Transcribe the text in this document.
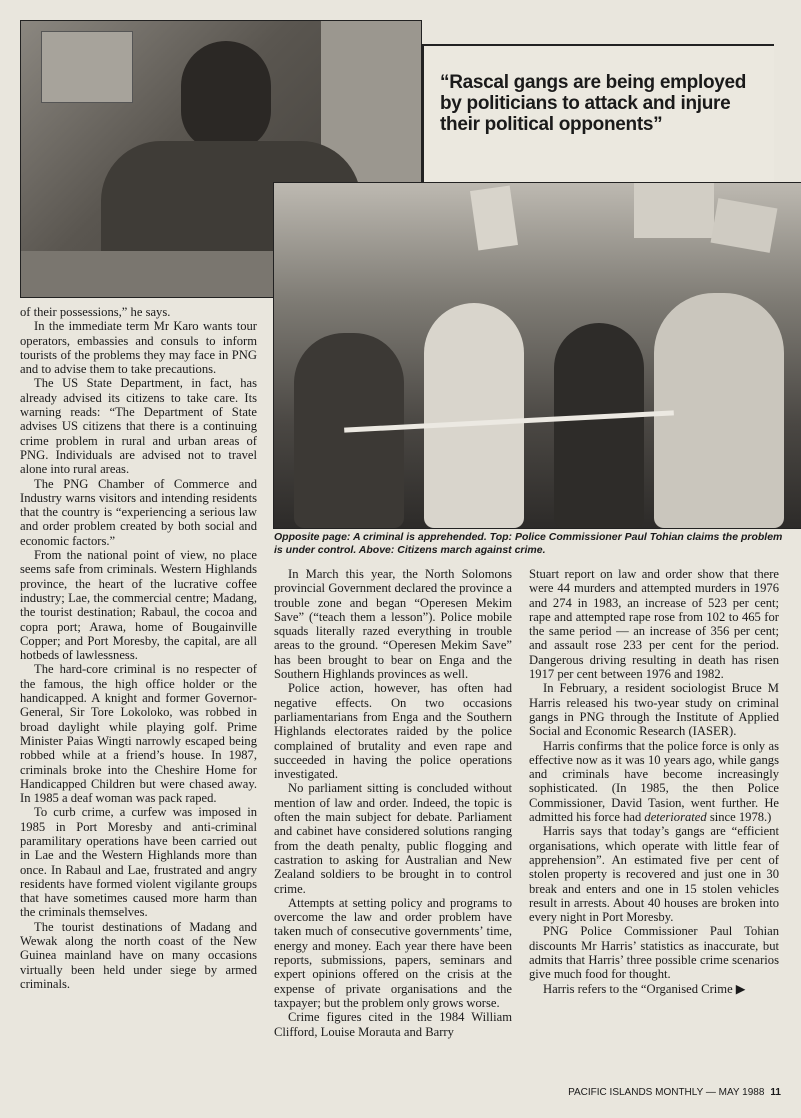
“Rascal gangs are being employed by politicians to attack and injure their political opponents”

Opposite page: A criminal is apprehended. Top: Police Commissioner Paul Tohian claims the problem is under control. Above: Citizens march against crime.

of their possessions,” he says.

In the immediate term Mr Karo wants tour operators, embassies and consuls to inform tourists of the problems they may face in PNG and to advise them to take precautions.

The US State Department, in fact, has already advised its citizens to take care. Its warning reads: “The Department of State advises US citizens that there is a continuing crime problem in rural and urban areas of PNG. Individuals are advised not to travel alone into rural areas.

The PNG Chamber of Commerce and Industry warns visitors and intending residents that the country is “experiencing a serious law and order problem created by both social and economic factors.”

From the national point of view, no place seems safe from criminals. Western Highlands province, the heart of the lucrative coffee industry; Lae, the commercial centre; Madang, the tourist destination; Rabaul, the cocoa and copra port; Arawa, home of Bougainville Copper; and Port Moresby, the capital, are all hotbeds of lawlessness.

The hard-core criminal is no respecter of the famous, the high office holder or the handicapped. A knight and former Governor-General, Sir Tore Lokoloko, was robbed in broad daylight while playing golf. Prime Minister Paias Wingti narrowly escaped being robbed while at a friend’s house. In 1987, criminals broke into the Cheshire Home for Handicapped Children but were chased away. In 1985 a deaf woman was pack raped.

To curb crime, a curfew was imposed in 1985 in Port Moresby and anti-criminal paramilitary operations have been carried out in Lae and the Western Highlands more than once. In Rabaul and Lae, frustrated and angry residents have formed violent vigilante groups that have sometimes caused more harm than the criminals themselves.

The tourist destinations of Madang and Wewak along the north coast of the New Guinea mainland have on many occasions virtually been held under siege by armed criminals.

In March this year, the North Solomons provincial Government declared the province a trouble zone and began “Operesen Mekim Save” (“teach them a lesson”). Police mobile squads literally razed everything in trouble areas to the ground. “Operesen Mekim Save” has been brought to bear on Enga and the Southern Highlands provinces as well.

Police action, however, has often had negative effects. On two occasions parliamentarians from Enga and the Southern Highlands electorates raided by the police complained of brutality and even rape and succeeded in having the police operations investigated.

No parliament sitting is concluded without mention of law and order. Indeed, the topic is often the main subject for debate. Parliament and cabinet have considered solutions ranging from the death penalty, public flogging and castration to asking for Australian and New Zealand soldiers to be brought in to control crime.

Attempts at setting policy and programs to overcome the law and order problem have taken much of consecutive governments’ time, energy and money. Each year there have been reports, submissions, papers, seminars and expert opinions offered on the crisis at the expense of private organisations and the taxpayer; but the problem only grows worse.

Crime figures cited in the 1984 William Clifford, Louise Morauta and Barry

Stuart report on law and order show that there were 44 murders and attempted murders in 1976 and 274 in 1983, an increase of 523 per cent; rape and attempted rape rose from 102 to 465 for the same period — an increase of 356 per cent; and assault rose 233 per cent for the period. Dangerous driving resulting in death has risen 1917 per cent between 1976 and 1982.

In February, a resident sociologist Bruce M Harris released his two-year study on criminal gangs in PNG through the Institute of Applied Social and Economic Research (IASER).

Harris confirms that the police force is only as effective now as it was 10 years ago, while gangs and criminals have become increasingly sophisticated. (In 1985, the then Police Commissioner, David Tasion, went further. He admitted his force had deteriorated since 1978.)

Harris says that today’s gangs are “efficient organisations, which operate with little fear of apprehension”. An estimated five per cent of stolen property is recovered and just one in 30 break and enters and one in 15 stolen vehicles result in arrests. About 40 houses are broken into every night in Port Moresby.

PNG Police Commissioner Paul Tohian discounts Mr Harris’ statistics as inaccurate, but admits that Harris’ three possible crime scenarios give much food for thought.

Harris refers to the “Organised Crime ▶

PACIFIC ISLANDS MONTHLY — MAY 1988 11
